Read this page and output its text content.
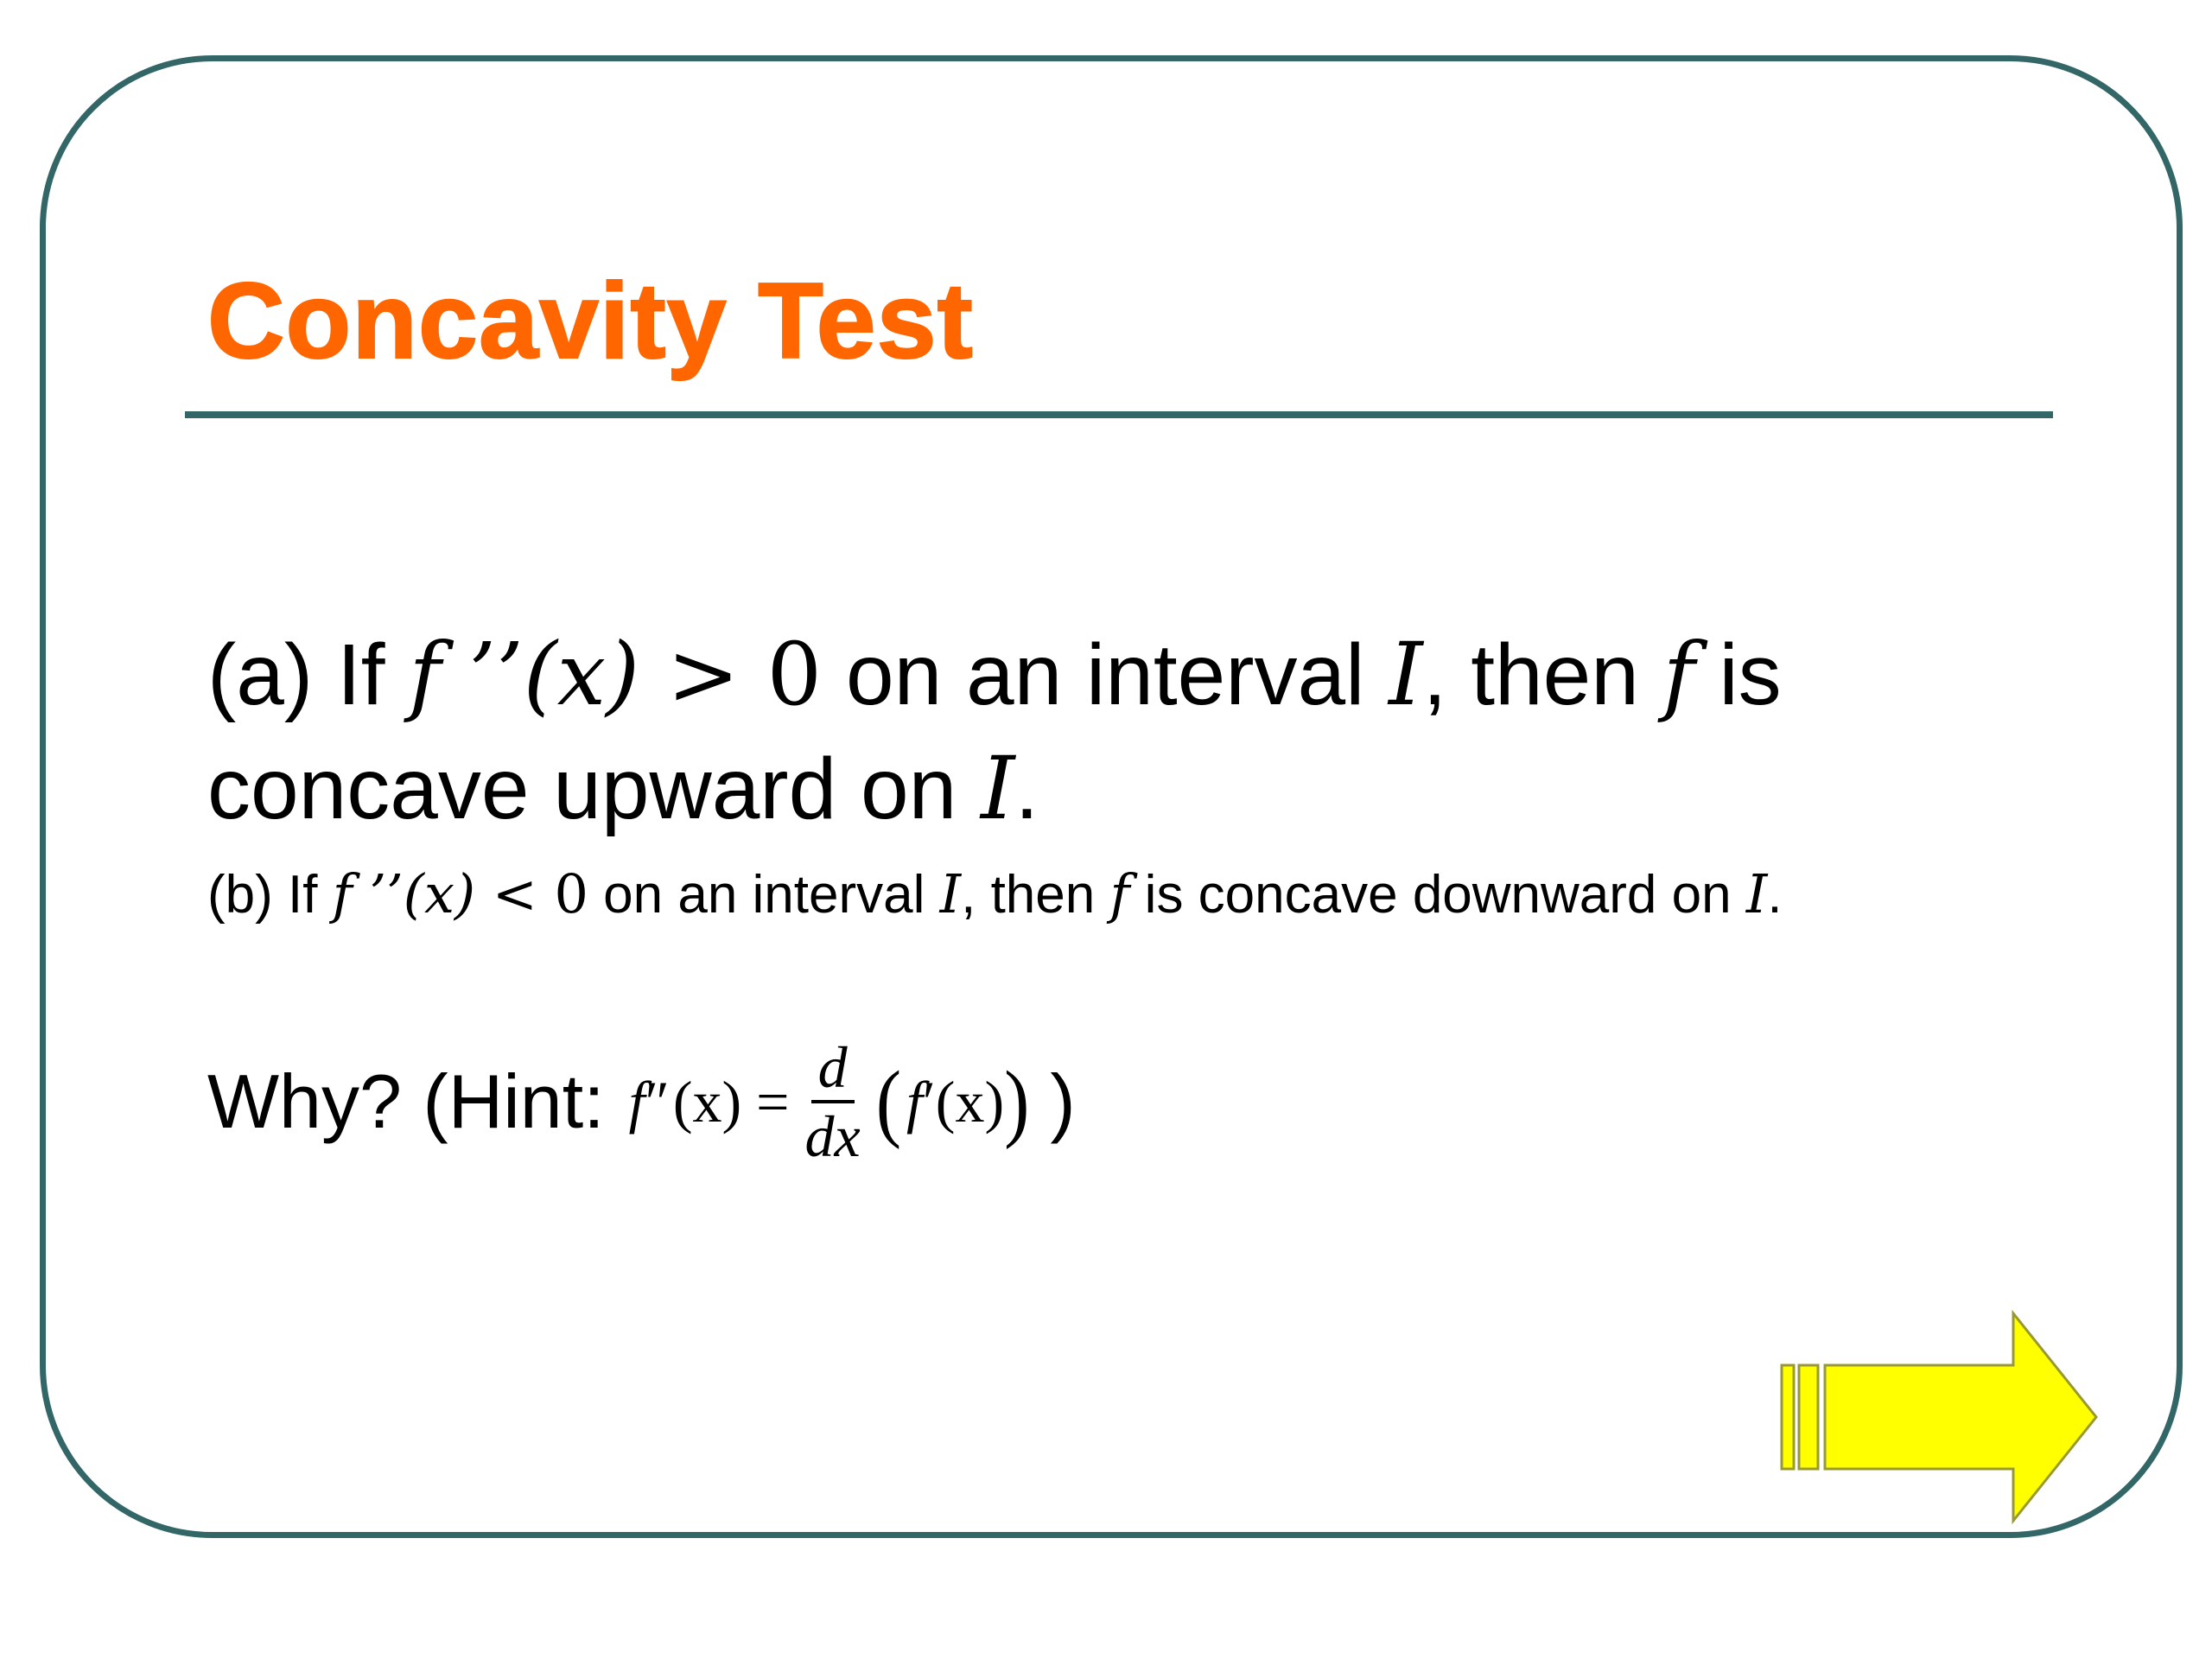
Concavity Test
(a) If f ’’(x) > 0 on an interval I, then f is concave upward on I.
(b) If f ’’(x) < 0 on an interval I, then f is concave downward on I.
Why? (Hint: f ″ $(x) = \frac{d}{dx}$ ( f ′ (x) ) )
